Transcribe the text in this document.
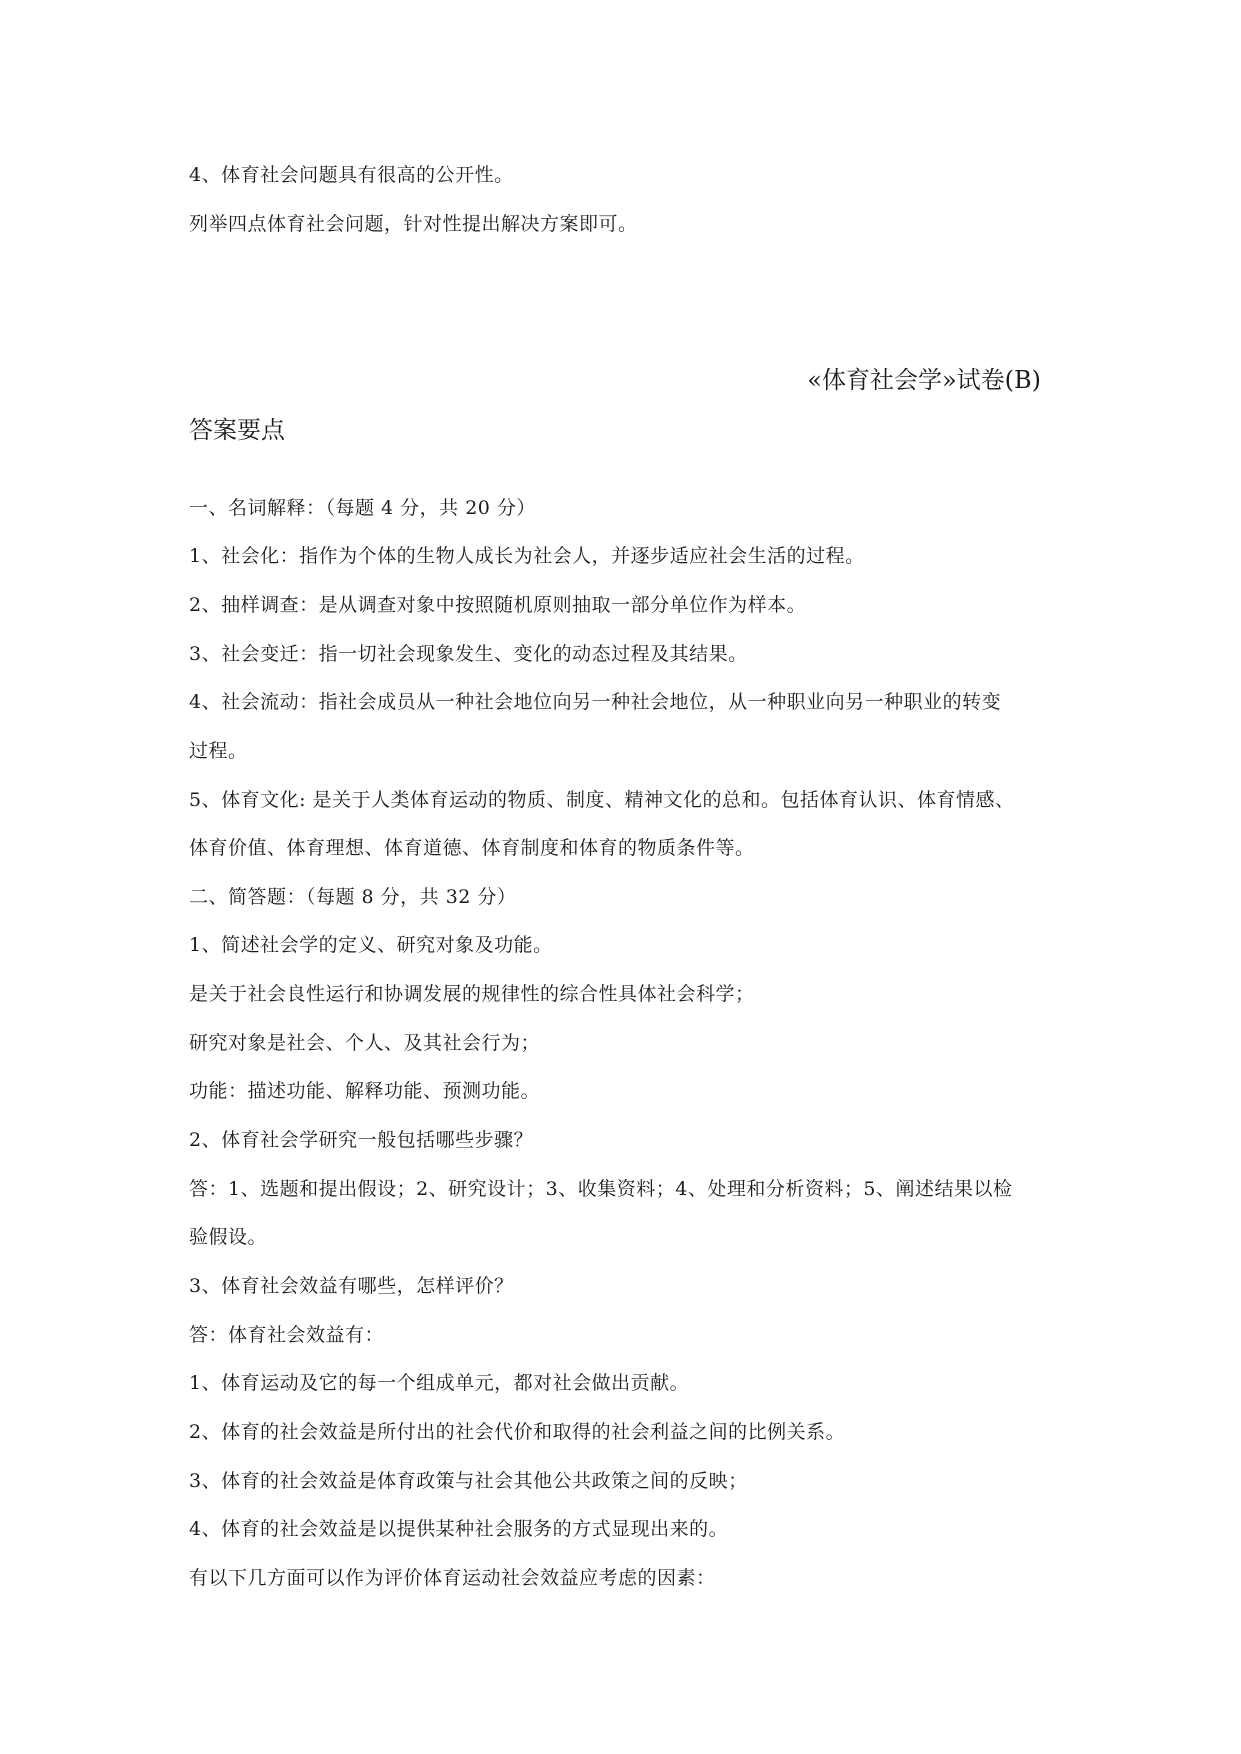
4、体育社会问题具有很高的公开性。
列举四点体育社会问题，针对性提出解决方案即可。
«体育社会学»试卷(B)
答案要点
一、名词解释：（每题 4 分，共 20 分）
1、社会化：指作为个体的生物人成长为社会人，并逐步适应社会生活的过程。
2、抽样调查：是从调查对象中按照随机原则抽取一部分单位作为样本。
3、社会变迁：指一切社会现象发生、变化的动态过程及其结果。
4、社会流动：指社会成员从一种社会地位向另一种社会地位，从一种职业向另一种职业的转变
过程。
5、体育文化: 是关于人类体育运动的物质、制度、精神文化的总和。包括体育认识、体育情感、
体育价值、体育理想、体育道德、体育制度和体育的物质条件等。
二、简答题：（每题 8 分，共 32 分）
1、简述社会学的定义、研究对象及功能。
是关于社会良性运行和协调发展的规律性的综合性具体社会科学；
研究对象是社会、个人、及其社会行为；
功能：描述功能、解释功能、预测功能。
2、体育社会学研究一般包括哪些步骤？
答：1、选题和提出假设；2、研究设计；3、收集资料；4、处理和分析资料；5、阐述结果以检
验假设。
3、体育社会效益有哪些，怎样评价？
答：体育社会效益有：
1、体育运动及它的每一个组成单元，都对社会做出贡献。
2、体育的社会效益是所付出的社会代价和取得的社会利益之间的比例关系。
3、体育的社会效益是体育政策与社会其他公共政策之间的反映；
4、体育的社会效益是以提供某种社会服务的方式显现出来的。
有以下几方面可以作为评价体育运动社会效益应考虑的因素：
